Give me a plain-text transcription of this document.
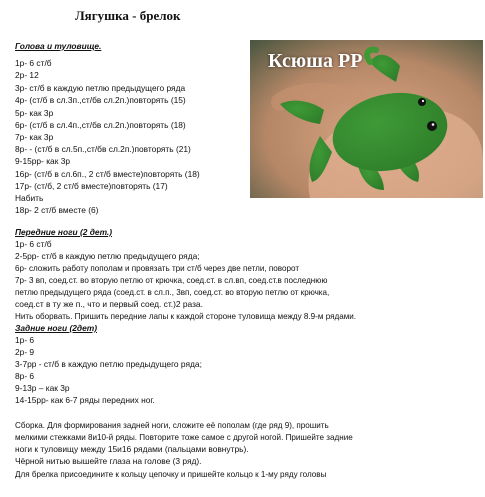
Лягушка - брелок
Ксюша PP
Голова и туловище.
1р- 6 ст/б
2р- 12
3р- ст/б в каждую петлю предыдущего ряда
4р- (ст/б в сл.3п.,ст/бв сл.2п.)повторять (15)
5р- как 3р
6р- (ст/б в сл.4п.,ст/бв сл.2п.)повторять (18)
7р- как 3р
8р- - (ст/б в сл.5п.,ст/бв сл.2п.)повторять (21)
9-15рр- как 3р
16р- (ст/б в сл.6п., 2 ст/б вместе)повторять (18)
17р- (ст/б, 2 ст/б вместе)повторять (17)
Набить
18р- 2 ст/б вместе (6)
Передние ноги (2 дет.)
1р- 6 ст/б
2-5рр- ст/б в каждую петлю предыдущего ряда;
6р- сложить работу пополам и провязать три ст/б через две петли, поворот
7р- 3 вп, соед.ст. во вторую петлю от крючка, соед.ст. в сл.вп, соед.ст.в последнюю
петлю предыдущего ряда (соед.ст. в сл.п., 3вп, соед.ст. во вторую петлю от крючка,
соед.ст в ту же п., что и первый соед. ст.)2 раза.
Нить оборвать. Пришить передние лапы к каждой стороне туловища между 8.9-м рядами.
Задние ноги (2дет)
1р- 6
2р- 9
3-7рр - ст/б в каждую петлю предыдущего ряда;
8р- 6
9-13р – как 3р
14-15рр- как 6-7 ряды передних ног.
Сборка. Для формирования задней ноги, сложите её пополам (где ряд 9), прошить
мелкими стежками 8и10-й ряды. Повторите тоже самое с другой ногой. Пришейте задние
ноги к туловищу между 15и16 рядами (пальцами вовнутрь).
Чёрной нитью вышейте глаза на голове (3 ряд).
Для брелка присоедините к кольцу цепочку и пришейте кольцо к 1-му ряду головы
